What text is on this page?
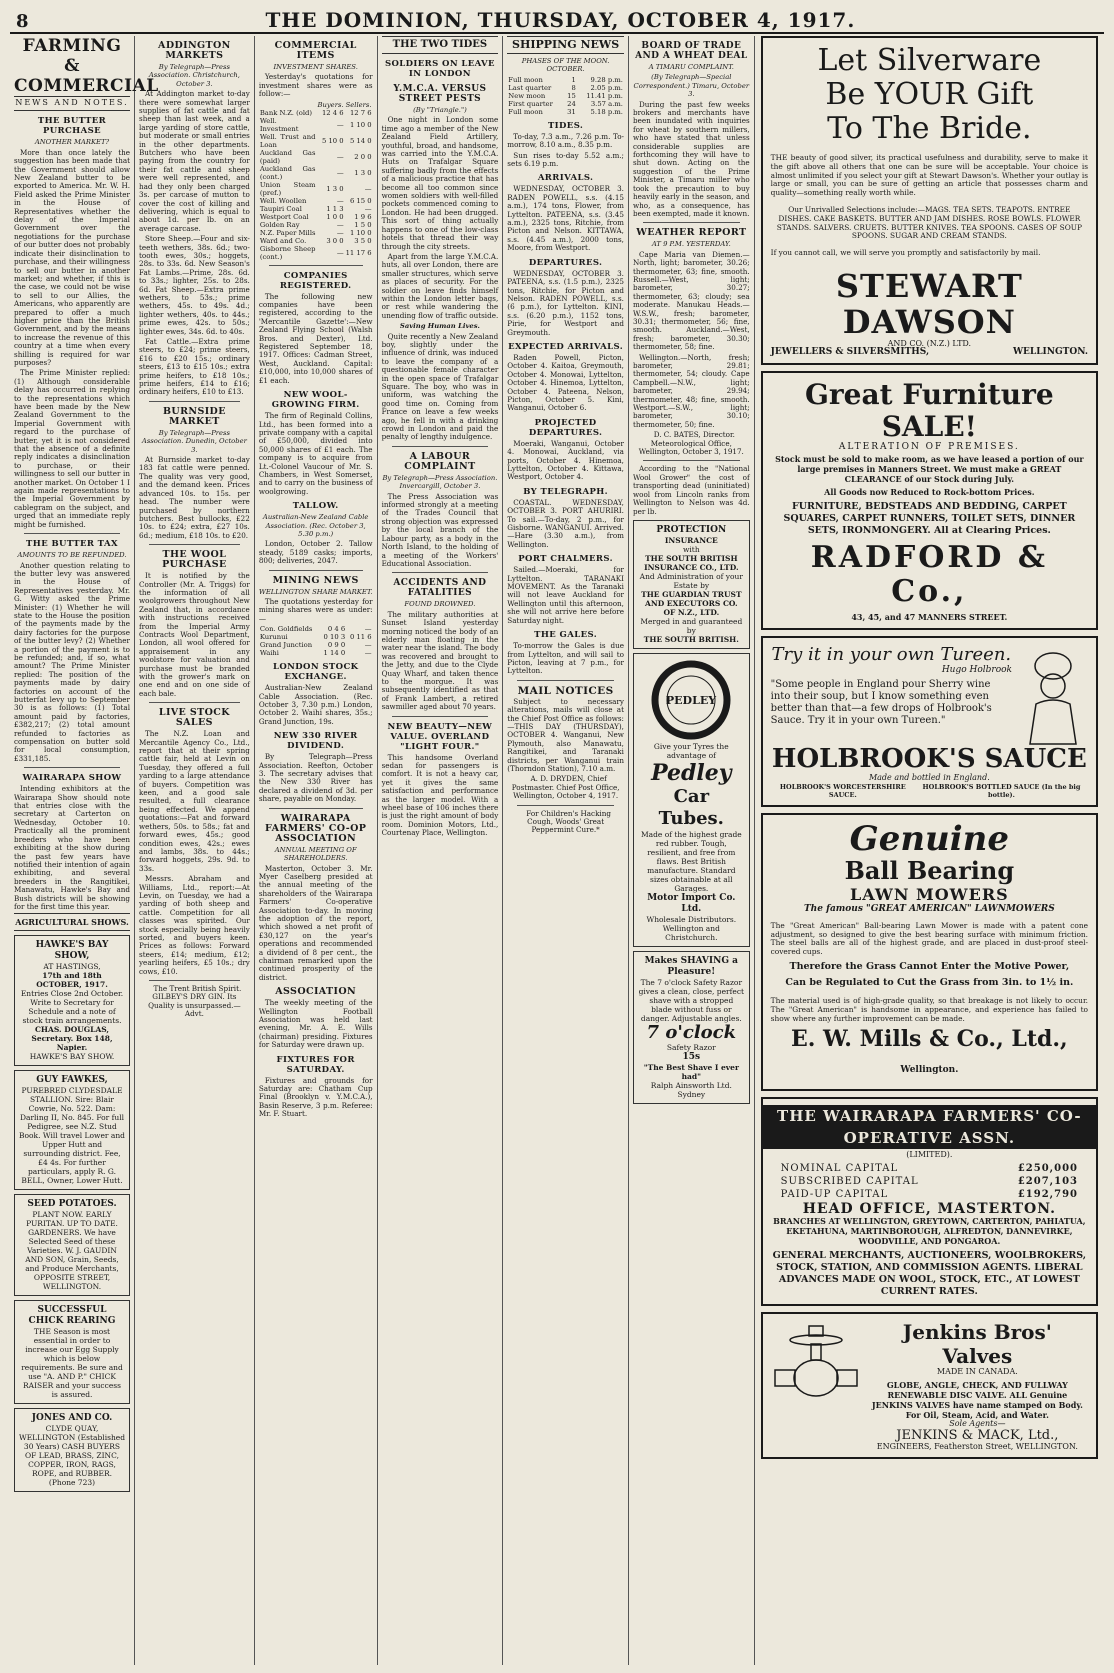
8	THE DOMINION, THURSDAY, OCTOBER 4, 1917.

FARMING & COMMERCIAL
NEWS AND NOTES.
THE BUTTER PURCHASE
ANOTHER MARKET?

More than once lately the suggestion has been made that the Government should allow New Zealand butter to be exported to America. Mr. W. H. Field asked the Prime Minister in the House of Representatives whether the delay of the Imperial Government over the negotiations for the purchase of our butter does not probably indicate their disinclination to purchase, and their willingness to sell our butter in another market; and whether, if this is the case, we could not be wise to sell to our Allies, the Americans, who apparently are prepared to offer a much higher price than the British Government, and by the means to increase the revenue of this country at a time when every shilling is required for war purposes?

The Prime Minister replied: (1) Although considerable delay has occurred in replying to the representations which have been made by the New Zealand Government to the Imperial Government with regard to the purchase of butter, yet it is not considered that the absence of a definite reply indicates a disinclination to purchase, or their willingness to sell our butter in another market. On October 1 I again made representations to the Imperial Government by cablegram on the subject, and urged that an immediate reply might be furnished.

THE BUTTER TAX
AMOUNTS TO BE REFUNDED.

Another question relating to the butter levy was answered in the House of Representatives yesterday. Mr. G. Witty asked the Prime Minister: (1) Whether he will state to the House the position of the payments made by the dairy factories for the purpose of the butter levy? (2) Whether a portion of the payment is to be refunded; and, if so, what amount? The Prime Minister replied: The position of the payments made by dairy factories on account of the butterfat levy up to September 30 is as follows: (1) Total amount paid by factories, £382,217; (2) total amount refunded to factories as compensation on butter sold for local consumption, £331,185.

WAIRARAPA SHOW

Intending exhibitors at the Wairarapa Show should note that entries close with the secretary at Carterton on Wednesday, October 10. Practically all the prominent breeders who have been exhibiting at the show during the past few years have notified their intention of again exhibiting, and several breeders in the Rangitikei, Manawatu, Hawke's Bay and Bush districts will be showing for the first time this year.

AGRICULTURAL SHOWS.
HAWKE'S BAY SHOW,
AT HASTINGS,
17th and 18th OCTOBER, 1917.
Entries Close 2nd October.
Write to Secretary for Schedule and a note of stock train arrangements.
CHAS. DOUGLAS, Secretary. Box 148, Napier.
HAWKE'S BAY SHOW.
GUY FAWKES,
PUREBRED CLYDESDALE STALLION. Sire: Blair Cowrie, No. 522. Dam: Darling II, No. 845. For full Pedigree, see N.Z. Stud Book. Will travel Lower and Upper Hutt and surrounding district. Fee, £4 4s. For further particulars, apply R. G. BELL, Owner, Lower Hutt.
SEED POTATOES.
PLANT NOW. EARLY PURITAN. UP TO DATE. GARDENERS. We have Selected Seed of these Varieties. W. J. GAUDIN AND SON, Grain, Seeds, and Produce Merchants, OPPOSITE STREET, WELLINGTON.
SUCCESSFUL CHICK REARING
THE Season is most essential in order to increase our Egg Supply which is below requirements. Be sure and use "A. AND P." CHICK RAISER and your success is assured.
JONES AND CO.
CLYDE QUAY, WELLINGTON (Established 30 Years) CASH BUYERS OF LEAD, BRASS, ZINC, COPPER, IRON, RAGS, ROPE, and RUBBER. (Phone 723)
ADDINGTON MARKETS
By Telegraph—Press Association. Christchurch, October 3.

At Addington market to-day there were somewhat larger supplies of fat cattle and fat sheep than last week, and a large yarding of store cattle, but moderate or small entries in the other departments. Butchers who have been paying from the country for their fat cattle and sheep were well represented, and had they only been charged 3s. per carcase of mutton to cover the cost of killing and delivering, which is equal to about 1d. per lb. on an average carcase.

Store Sheep.—Four and six-teeth wethers, 38s. 6d.; two-tooth ewes, 30s.; hoggets, 28s. to 33s. 6d. New Season's Fat Lambs.—Prime, 28s. 6d. to 33s.; lighter, 25s. to 28s. 6d. Fat Sheep.—Extra prime wethers, to 53s.; prime wethers, 45s. to 49s. 4d.; lighter wethers, 40s. to 44s.; prime ewes, 42s. to 50s.; lighter ewes, 34s. 6d. to 40s.

Fat Cattle.—Extra prime steers, to £24; prime steers, £16 to £20 15s.; ordinary steers, £13 to £15 10s.; extra prime heifers, to £18 10s.; prime heifers, £14 to £16; ordinary heifers, £10 to £13.

BURNSIDE MARKET
By Telegraph—Press Association. Dunedin, October 3.

At Burnside market to-day 183 fat cattle were penned. The quality was very good, and the demand keen. Prices advanced 10s. to 15s. per head. The number were purchased by northern butchers. Best bullocks, £22 10s. to £24; extra, £27 10s. 6d.; medium, £18 10s. to £20.

THE WOOL PURCHASE

It is notified by the Controller (Mr. A. Triggs) for the information of all woolgrowers throughout New Zealand that, in accordance with instructions received from the Imperial Army Contracts Wool Department, London, all wool offered for appraisement in any woolstore for valuation and purchase must be branded with the grower's mark on one end and on one side of each bale.

LIVE STOCK SALES

The N.Z. Loan and Mercantile Agency Co., Ltd., report that at their spring cattle fair, held at Levin on Tuesday, they offered a full yarding to a large attendance of buyers. Competition was keen, and a good sale resulted, a full clearance being effected. We append quotations:—Fat and forward wethers, 50s. to 58s.; fat and forward ewes, 45s.; good condition ewes, 42s.; ewes and lambs, 38s. to 44s.; forward hoggets, 29s. 9d. to 33s.

Messrs. Abraham and Williams, Ltd., report:—At Levin, on Tuesday, we had a yarding of both sheep and cattle. Competition for all classes was spirited. Our stock especially being heavily sorted, and buyers keen. Prices as follows: Forward steers, £14; medium, £12; yearling heifers, £5 10s.; dry cows, £10.

The Trent British Spirit. GILBEY'S DRY GIN. Its Quality is unsurpassed.—Advt.

COMMERCIAL ITEMS
INVESTMENT SHARES.

Yesterday's quotations for investment shares were as follow:—

	Buyers.	Sellers.
Bank N.Z. (old)	12 4 6	12 7 6
Well. Investment	—	1 10 0
Well. Trust and Loan	5 10 0	5 14 0
Auckland Gas (paid)	—	2 0 0
Auckland Gas (cont.)	—	1 3 0
Union Steam (pref.)	1 3 0	—
Well. Woollen	—	6 15 0
Taupiri Coal	1 1 3	—
Westport Coal	1 0 0	1 9 6
Golden Ray	—	1 5 0
N.Z. Paper Mills	—	1 10 0
Ward and Co.	3 0 0	3 5 0
Gisborne Sheep (cont.)	—	11 17 6
COMPANIES REGISTERED.

The following new companies have been registered, according to the 'Mercantile Gazette':—New Zealand Flying School (Walsh Bros. and Dexter), Ltd. Registered September 18, 1917. Offices: Cadman Street, West, Auckland. Capital: £10,000, into 10,000 shares of £1 each.

NEW WOOL-GROWING FIRM.

The firm of Reginald Collins, Ltd., has been formed into a private company with a capital of £50,000, divided into 50,000 shares of £1 each. The company is to acquire from Lt.-Colonel Vaucour of Mr. S. Chambers, in West Somerset, and to carry on the business of woolgrowing.

TALLOW.
Australian-New Zealand Cable Association. (Rec. October 3, 5.30 p.m.)

London, October 2. Tallow steady, 5189 casks; imports, 800; deliveries, 2047.

MINING NEWS
WELLINGTON SHARE MARKET.

The quotations yesterday for mining shares were as under:—

Con. Goldfields	0 4 6	—
Kurunui	0 10 3	0 11 6
Grand Junction	0 9 0	—
Waihi	1 14 0	—
LONDON STOCK EXCHANGE.

Australian-New Zealand Cable Association. (Rec. October 3, 7.30 p.m.) London, October 2. Waihi shares, 35s.; Grand Junction, 19s.

NEW 330 RIVER DIVIDEND.

By Telegraph—Press Association. Reefton, October 3. The secretary advises that the New 330 River has declared a dividend of 3d. per share, payable on Monday.

WAIRARAPA FARMERS' CO-OP ASSOCIATION
ANNUAL MEETING OF SHAREHOLDERS.

Masterton, October 3. Mr. Myer Caselberg presided at the annual meeting of the shareholders of the Wairarapa Farmers' Co-operative Association to-day. In moving the adoption of the report, which showed a net profit of £30,127 on the year's operations and recommended a dividend of 8 per cent., the chairman remarked upon the continued prosperity of the district.

ASSOCIATION

The weekly meeting of the Wellington Football Association was held last evening, Mr. A. E. Wills (chairman) presiding. Fixtures for Saturday were drawn up.

FIXTURES FOR SATURDAY.

Fixtures and grounds for Saturday are: Chatham Cup Final (Brooklyn v. Y.M.C.A.), Basin Reserve, 3 p.m. Referee: Mr. F. Stuart.

THE TWO TIDES
SOLDIERS ON LEAVE IN LONDON
Y.M.C.A. VERSUS STREET PESTS
(By "Triangle.")

One night in London some time ago a member of the New Zealand Field Artillery, youthful, broad, and handsome, was carried into the Y.M.C.A. Huts on Trafalgar Square suffering badly from the effects of a malicious practice that has become all too common since women soldiers with well-filled pockets commenced coming to London. He had been drugged. This sort of thing actually happens to one of the low-class hotels that thread their way through the city streets.

Apart from the large Y.M.C.A. huts, all over London, there are smaller structures, which serve as places of security. For the soldier on leave finds himself within the London letter bags, or rest while wandering the unending flow of traffic outside.

Saving Human Lives.

Quite recently a New Zealand boy, slightly under the influence of drink, was induced to leave the company of a questionable female character in the open space of Trafalgar Square. The boy, who was in uniform, was watching the good time on. Coming from France on leave a few weeks ago, he fell in with a drinking crowd in London and paid the penalty of lengthy indulgence.

A LABOUR COMPLAINT
By Telegraph—Press Association. Invercargill, October 3.

The Press Association was informed strongly at a meeting of the Trades Council that strong objection was expressed by the local branch of the Labour party, as a body in the North Island, to the holding of a meeting of the Workers' Educational Association.

ACCIDENTS AND FATALITIES
FOUND DROWNED.

The military authorities at Sunset Island yesterday morning noticed the body of an elderly man floating in the water near the island. The body was recovered and brought to the Jetty, and due to the Clyde Quay Wharf, and taken thence to the morgue. It was subsequently identified as that of Frank Lambert, a retired sawmiller aged about 70 years.

NEW BEAUTY—NEW VALUE. OVERLAND "LIGHT FOUR."

This handsome Overland sedan for passengers is comfort. It is not a heavy car, yet it gives the same satisfaction and performance as the larger model. With a wheel base of 106 inches there is just the right amount of body room. Dominion Motors, Ltd., Courtenay Place, Wellington.

SHIPPING NEWS
PHASES OF THE MOON. OCTOBER.
Full moon	1	9.28 p.m.
Last quarter	8	2.05 p.m.
New moon	15	11.41 p.m.
First quarter	24	3.57 a.m.
Full moon	31	5.18 p.m.
TIDES.

To-day, 7.3 a.m., 7.26 p.m. To-morrow, 8.10 a.m., 8.35 p.m.

Sun rises to-day 5.52 a.m.; sets 6.19 p.m.

ARRIVALS.

WEDNESDAY, OCTOBER 3. RADEN POWELL, s.s. (4.15 a.m.), 174 tons, Flower, from Lyttelton. PATEENA, s.s. (3.45 a.m.), 2325 tons, Ritchie, from Picton and Nelson. KITTAWA, s.s. (4.45 a.m.), 2000 tons, Moore, from Westport.

DEPARTURES.

WEDNESDAY, OCTOBER 3. PATEENA, s.s. (1.5 p.m.), 2325 tons, Ritchie, for Picton and Nelson. RADEN POWELL, s.s. (6 p.m.), for Lyttelton. KINI, s.s. (6.20 p.m.), 1152 tons, Pirie, for Westport and Greymouth.

EXPECTED ARRIVALS.

Raden Powell, Picton, October 4. Kaitoa, Greymouth, October 4. Monowai, Lyttelton, October 4. Hinemoa, Lyttelton, October 4. Pateena, Nelson, Picton, October 5. Kini, Wanganui, October 6.

PROJECTED DEPARTURES.

Moeraki, Wanganui, October 4. Monowai, Auckland, via ports, October 4. Hinemoa, Lyttelton, October 4. Kittawa, Westport, October 4.

BY TELEGRAPH.

COASTAL. WEDNESDAY, OCTOBER 3. PORT AHURIRI. To sail.—To-day, 2 p.m., for Gisborne. WANGANUI. Arrived.—Hare (3.30 a.m.), from Wellington.

PORT CHALMERS.

Sailed.—Moeraki, for Lyttelton. TARANAKI MOVEMENT. As the Taranaki will not leave Auckland for Wellington until this afternoon, she will not arrive here before Saturday night.

THE GALES.

To-morrow the Gales is due from Lyttelton, and will sail to Picton, leaving at 7 p.m., for Lyttelton.

MAIL NOTICES

Subject to necessary alterations, mails will close at the Chief Post Office as follows:—THIS DAY (THURSDAY), OCTOBER 4. Wanganui, New Plymouth, also Manawatu, Rangitikei, and Taranaki districts, per Wanganui train (Thorndon Station), 7.10 a.m.

A. D. DRYDEN, Chief Postmaster. Chief Post Office, Wellington, October 4, 1917.

For Children's Hacking Cough, Woods' Great Peppermint Cure.*

BOARD OF TRADE AND A WHEAT DEAL
A TIMARU COMPLAINT.
(By Telegraph—Special Correspondent.) Timaru, October 3.

During the past few weeks brokers and merchants have been inundated with inquiries for wheat by southern millers, who have stated that unless considerable supplies are forthcoming they will have to shut down. Acting on the suggestion of the Prime Minister, a Timaru miller who took the precaution to buy heavily early in the season, and who, as a consequence, has been exempted, made it known.

WEATHER REPORT
AT 9 P.M. YESTERDAY.

Cape Maria van Diemen.—North, light; barometer, 30.26; thermometer, 63; fine, smooth. Russell.—West, light; barometer, 30.27; thermometer, 63; cloudy; sea moderate. Manukau Heads.—W.S.W., fresh; barometer, 30.31; thermometer, 56; fine, smooth. Auckland.—West, fresh; barometer, 30.30; thermometer, 58; fine.

Wellington.—North, fresh; barometer, 29.81; thermometer, 54; cloudy. Cape Campbell.—N.W., light; barometer, 29.94; thermometer, 48; fine, smooth. Westport.—S.W., light; barometer, 30.10; thermometer, 50; fine.

D. C. BATES, Director. Meteorological Office, Wellington, October 3, 1917.

According to the "National Wool Grower" the cost of transporting dead (uninitiated) wool from Lincoln ranks from Wellington to Nelson was 4d. per lb.

PROTECTION
INSURANCE
with
THE SOUTH BRITISH INSURANCE CO., LTD.
And Administration of your Estate by
THE GUARDIAN TRUST AND EXECUTORS CO. OF N.Z., LTD.
Merged in and guaranteed by
THE SOUTH BRITISH.
PEDLEY
Give your Tyres the advantage of
Pedley
Car Tubes.
Made of the highest grade red rubber. Tough, resilient, and free from flaws. Best British manufacture. Standard sizes obtainable at all Garages.
Motor Import Co. Ltd.
Wholesale Distributors. Wellington and Christchurch.
Makes SHAVING a Pleasure!
The 7 o'clock Safety Razor gives a clean, close, perfect shave with a stropped blade without fuss or danger. Adjustable angles.
7 o'clock
Safety Razor
15s
"The Best Shave I ever had"
Ralph Ainsworth Ltd. Sydney
Let Silverware
Be YOUR Gift
To The Bride.
THE beauty of good silver, its practical usefulness and durability, serve to make it the gift above all others that one can be sure will be acceptable. Your choice is almost unlimited if you select your gift at Stewart Dawson's. Whether your outlay is large or small, you can be sure of getting an article that possesses charm and quality—something really worth while.
Our Unrivalled Selections include:—MAGS. TEA SETS. TEAPOTS. ENTREE DISHES. CAKE BASKETS. BUTTER AND JAM DISHES. ROSE BOWLS. FLOWER STANDS. SALVERS. CRUETS. BUTTER KNIVES. TEA SPOONS. CASES OF SOUP SPOONS. SUGAR AND CREAM STANDS.
If you cannot call, we will serve you promptly and satisfactorily by mail.
STEWART DAWSON
AND CO. (N.Z.) LTD.
JEWELLERS & SILVERSMITHS,	WELLINGTON.
Great Furniture SALE!
ALTERATION OF PREMISES.
Stock must be sold to make room, as we have leased a portion of our large premises in Manners Street. We must make a GREAT CLEARANCE of our Stock during July.
All Goods now Reduced to Rock-bottom Prices.
FURNITURE, BEDSTEADS AND BEDDING, CARPET SQUARES, CARPET RUNNERS, TOILET SETS, DINNER SETS, IRONMONGERY. All at Clearing Prices.
RADFORD & Co.,
43, 45, and 47 MANNERS STREET.
Try it in your own Tureen.
Hugo Holbrook
"Some people in England pour Sherry wine into their soup, but I know something even better than that—a few drops of Holbrook's Sauce. Try it in your own Tureen."
HOLBROOK'S SAUCE
Made and bottled in England.
HOLBROOK'S WORCESTERSHIRE SAUCE.
HOLBROOK'S BOTTLED SAUCE (In the big bottle).
Genuine
Ball Bearing
LAWN MOWERS
The famous "GREAT AMERICAN" LAWNMOWERS
The "Great American" Ball-bearing Lawn Mower is made with a patent cone adjustment, so designed to give the best bearing surface with minimum friction. The steel balls are all of the highest grade, and are placed in dust-proof steel-covered cups.
Therefore the Grass Cannot Enter the Motive Power,
Can be Regulated to Cut the Grass from 3in. to 1½ in.
The material used is of high-grade quality, so that breakage is not likely to occur. The "Great American" is handsome in appearance, and experience has failed to show where any further improvement can be made.
E. W. Mills & Co., Ltd., Wellington.
THE WAIRARAPA FARMERS' CO-OPERATIVE ASSN.
(LIMITED).
NOMINAL CAPITAL	£250,000
SUBSCRIBED CAPITAL	£207,103
PAID-UP CAPITAL	£192,790
HEAD OFFICE, MASTERTON.
BRANCHES AT WELLINGTON, GREYTOWN, CARTERTON, PAHIATUA, EKETAHUNA, MARTINBOROUGH, ALFREDTON, DANNEVIRKE, WOODVILLE, AND PONGAROA.
GENERAL MERCHANTS, AUCTIONEERS, WOOLBROKERS, STOCK, STATION, AND COMMISSION AGENTS. LIBERAL ADVANCES MADE ON WOOL, STOCK, ETC., AT LOWEST CURRENT RATES.
Jenkins Bros' Valves
MADE IN CANADA.
GLOBE, ANGLE, CHECK, AND FULLWAY RENEWABLE DISC VALVE. ALL Genuine JENKINS VALVES have name stamped on Body. For Oil, Steam, Acid, and Water.
Sole Agents—
JENKINS & MACK, Ltd.,
ENGINEERS, Featherston Street, WELLINGTON.
